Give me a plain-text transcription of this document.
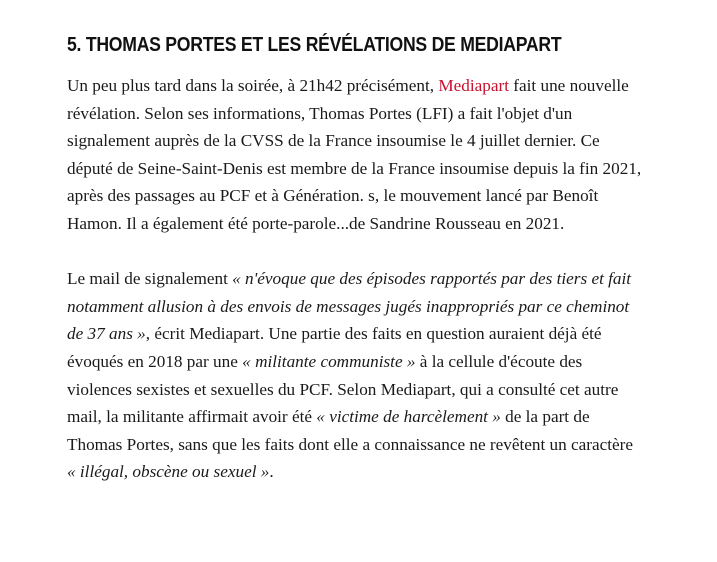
5. THOMAS PORTES ET LES RÉVÉLATIONS DE MEDIAPART

Un peu plus tard dans la soirée, à 21h42 précisément, Mediapart fait une nouvelle révélation. Selon ses informations, Thomas Portes (LFI) a fait l'objet d'un signalement auprès de la CVSS de la France insoumise le 4 juillet dernier. Ce député de Seine-Saint-Denis est membre de la France insoumise depuis la fin 2021, après des passages au PCF et à Génération. s, le mouvement lancé par Benoît Hamon. Il a également été porte-parole...de Sandrine Rousseau en 2021.

Le mail de signalement « n'évoque que des épisodes rapportés par des tiers et fait notamment allusion à des envois de messages jugés inappropriés par ce cheminot de 37 ans », écrit Mediapart. Une partie des faits en question auraient déjà été évoqués en 2018 par une « militante communiste » à la cellule d'écoute des violences sexistes et sexuelles du PCF. Selon Mediapart, qui a consulté cet autre mail, la militante affirmait avoir été « victime de harcèlement » de la part de Thomas Portes, sans que les faits dont elle a connaissance ne revêtent un caractère « illégal, obscène ou sexuel ».
